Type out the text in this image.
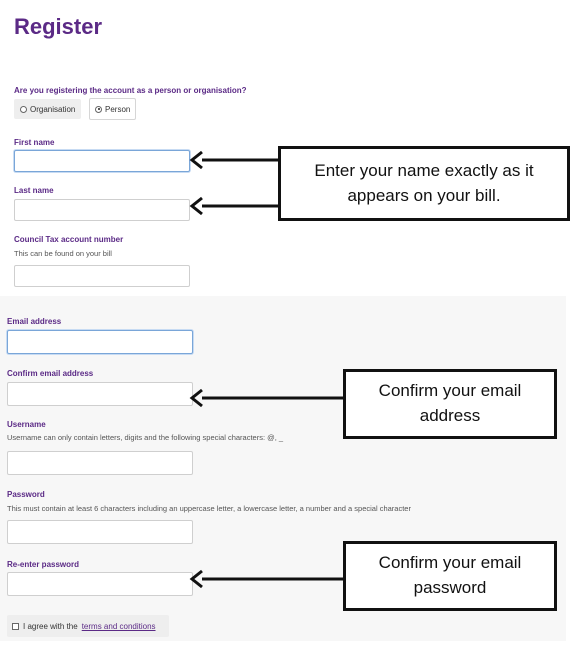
Register
Are you registering the account as a person or organisation?
Organisation	Person
First name
Last name
Council Tax account number
This can be found on your bill
Email address
Confirm email address
Username
Username can only contain letters, digits and the following special characters: @, _
Password
This must contain at least 6 characters including an uppercase letter, a lowercase letter, a number and a special character
Re-enter password
I agree with the terms and conditions
Enter your name exactly as it appears on your bill.
Confirm your email
address
Confirm your email
password
